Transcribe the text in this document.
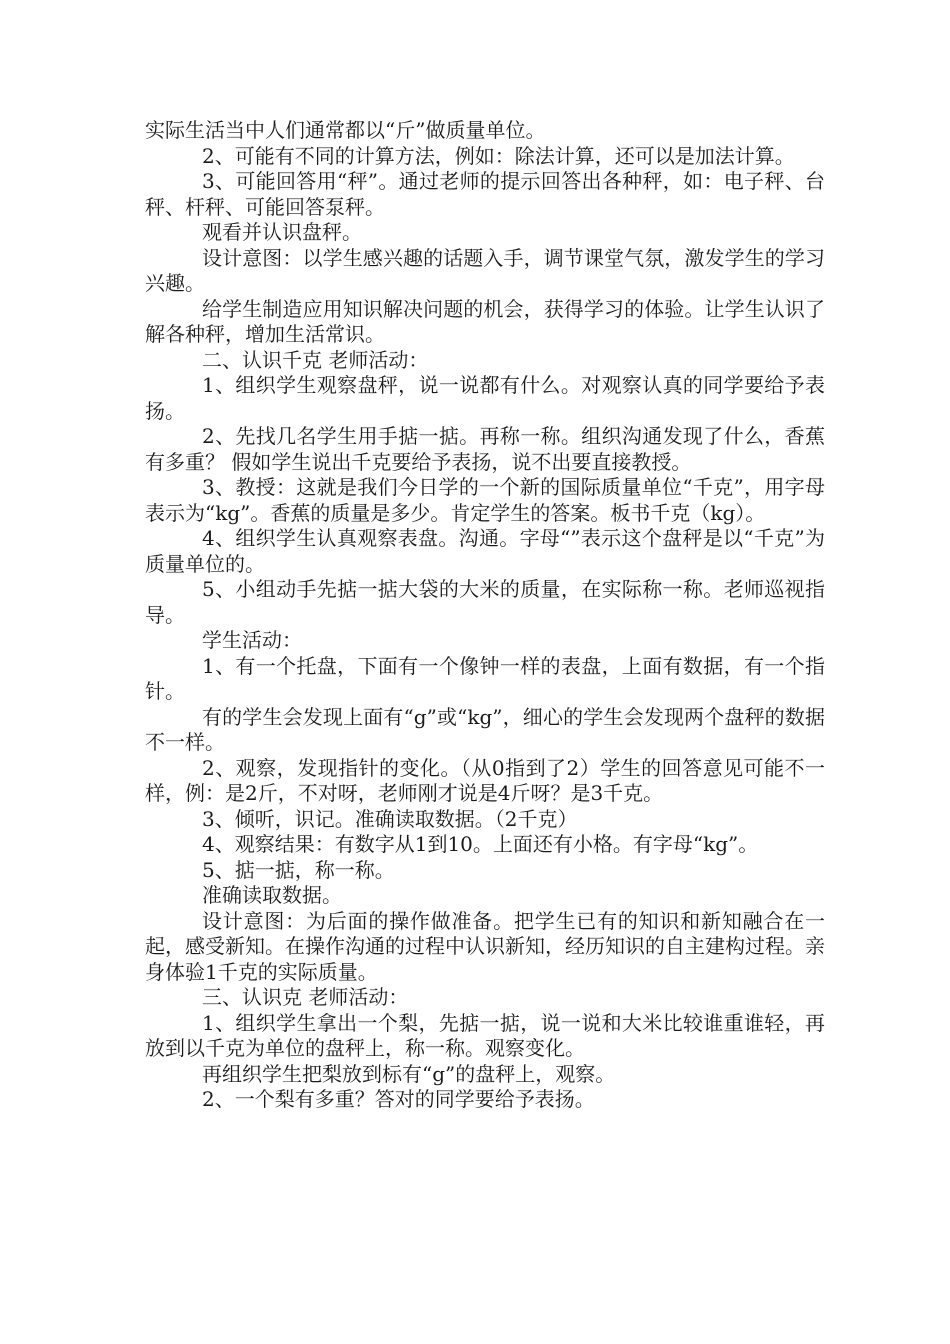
实际生活当中人们通常都以“斤”做质量单位。

2、可能有不同的计算方法，例如：除法计算，还可以是加法计算。

3、可能回答用“秤”。通过老师的提示回答出各种秤，如：电子秤、台秤、杆秤、可能回答泵秤。

观看并认识盘秤。

设计意图：以学生感兴趣的话题入手，调节课堂气氛，激发学生的学习兴趣。

给学生制造应用知识解决问题的机会，获得学习的体验。让学生认识了解各种秤，增加生活常识。

二、认识千克 老师活动：

1、组织学生观察盘秤，说一说都有什么。对观察认真的同学要给予表扬。

2、先找几名学生用手掂一掂。再称一称。组织沟通发现了什么，香蕉有多重？ 假如学生说出千克要给予表扬，说不出要直接教授。

3、教授：这就是我们今日学的一个新的国际质量单位“千克”，用字母表示为“kg”。香蕉的质量是多少。肯定学生的答案。板书千克（kg）。

4、组织学生认真观察表盘。沟通。字母“”表示这个盘秤是以“千克”为质量单位的。

5、小组动手先掂一掂大袋的大米的质量，在实际称一称。老师巡视指导。

学生活动：

1、有一个托盘，下面有一个像钟一样的表盘，上面有数据，有一个指针。

有的学生会发现上面有“g”或“kg”，细心的学生会发现两个盘秤的数据不一样。

2、观察，发现指针的变化。（从0指到了2）学生的回答意见可能不一样，例：是2斤，不对呀，老师刚才说是4斤呀？是3千克。

3、倾听，识记。准确读取数据。（2千克）

4、观察结果：有数字从1到10。上面还有小格。有字母“kg”。

5、掂一掂，称一称。

准确读取数据。

设计意图：为后面的操作做准备。把学生已有的知识和新知融合在一起，感受新知。在操作沟通的过程中认识新知，经历知识的自主建构过程。亲身体验1千克的实际质量。

三、认识克 老师活动：

1、组织学生拿出一个梨，先掂一掂，说一说和大米比较谁重谁轻，再放到以千克为单位的盘秤上，称一称。观察变化。

再组织学生把梨放到标有“g”的盘秤上，观察。

2、一个梨有多重？答对的同学要给予表扬。
